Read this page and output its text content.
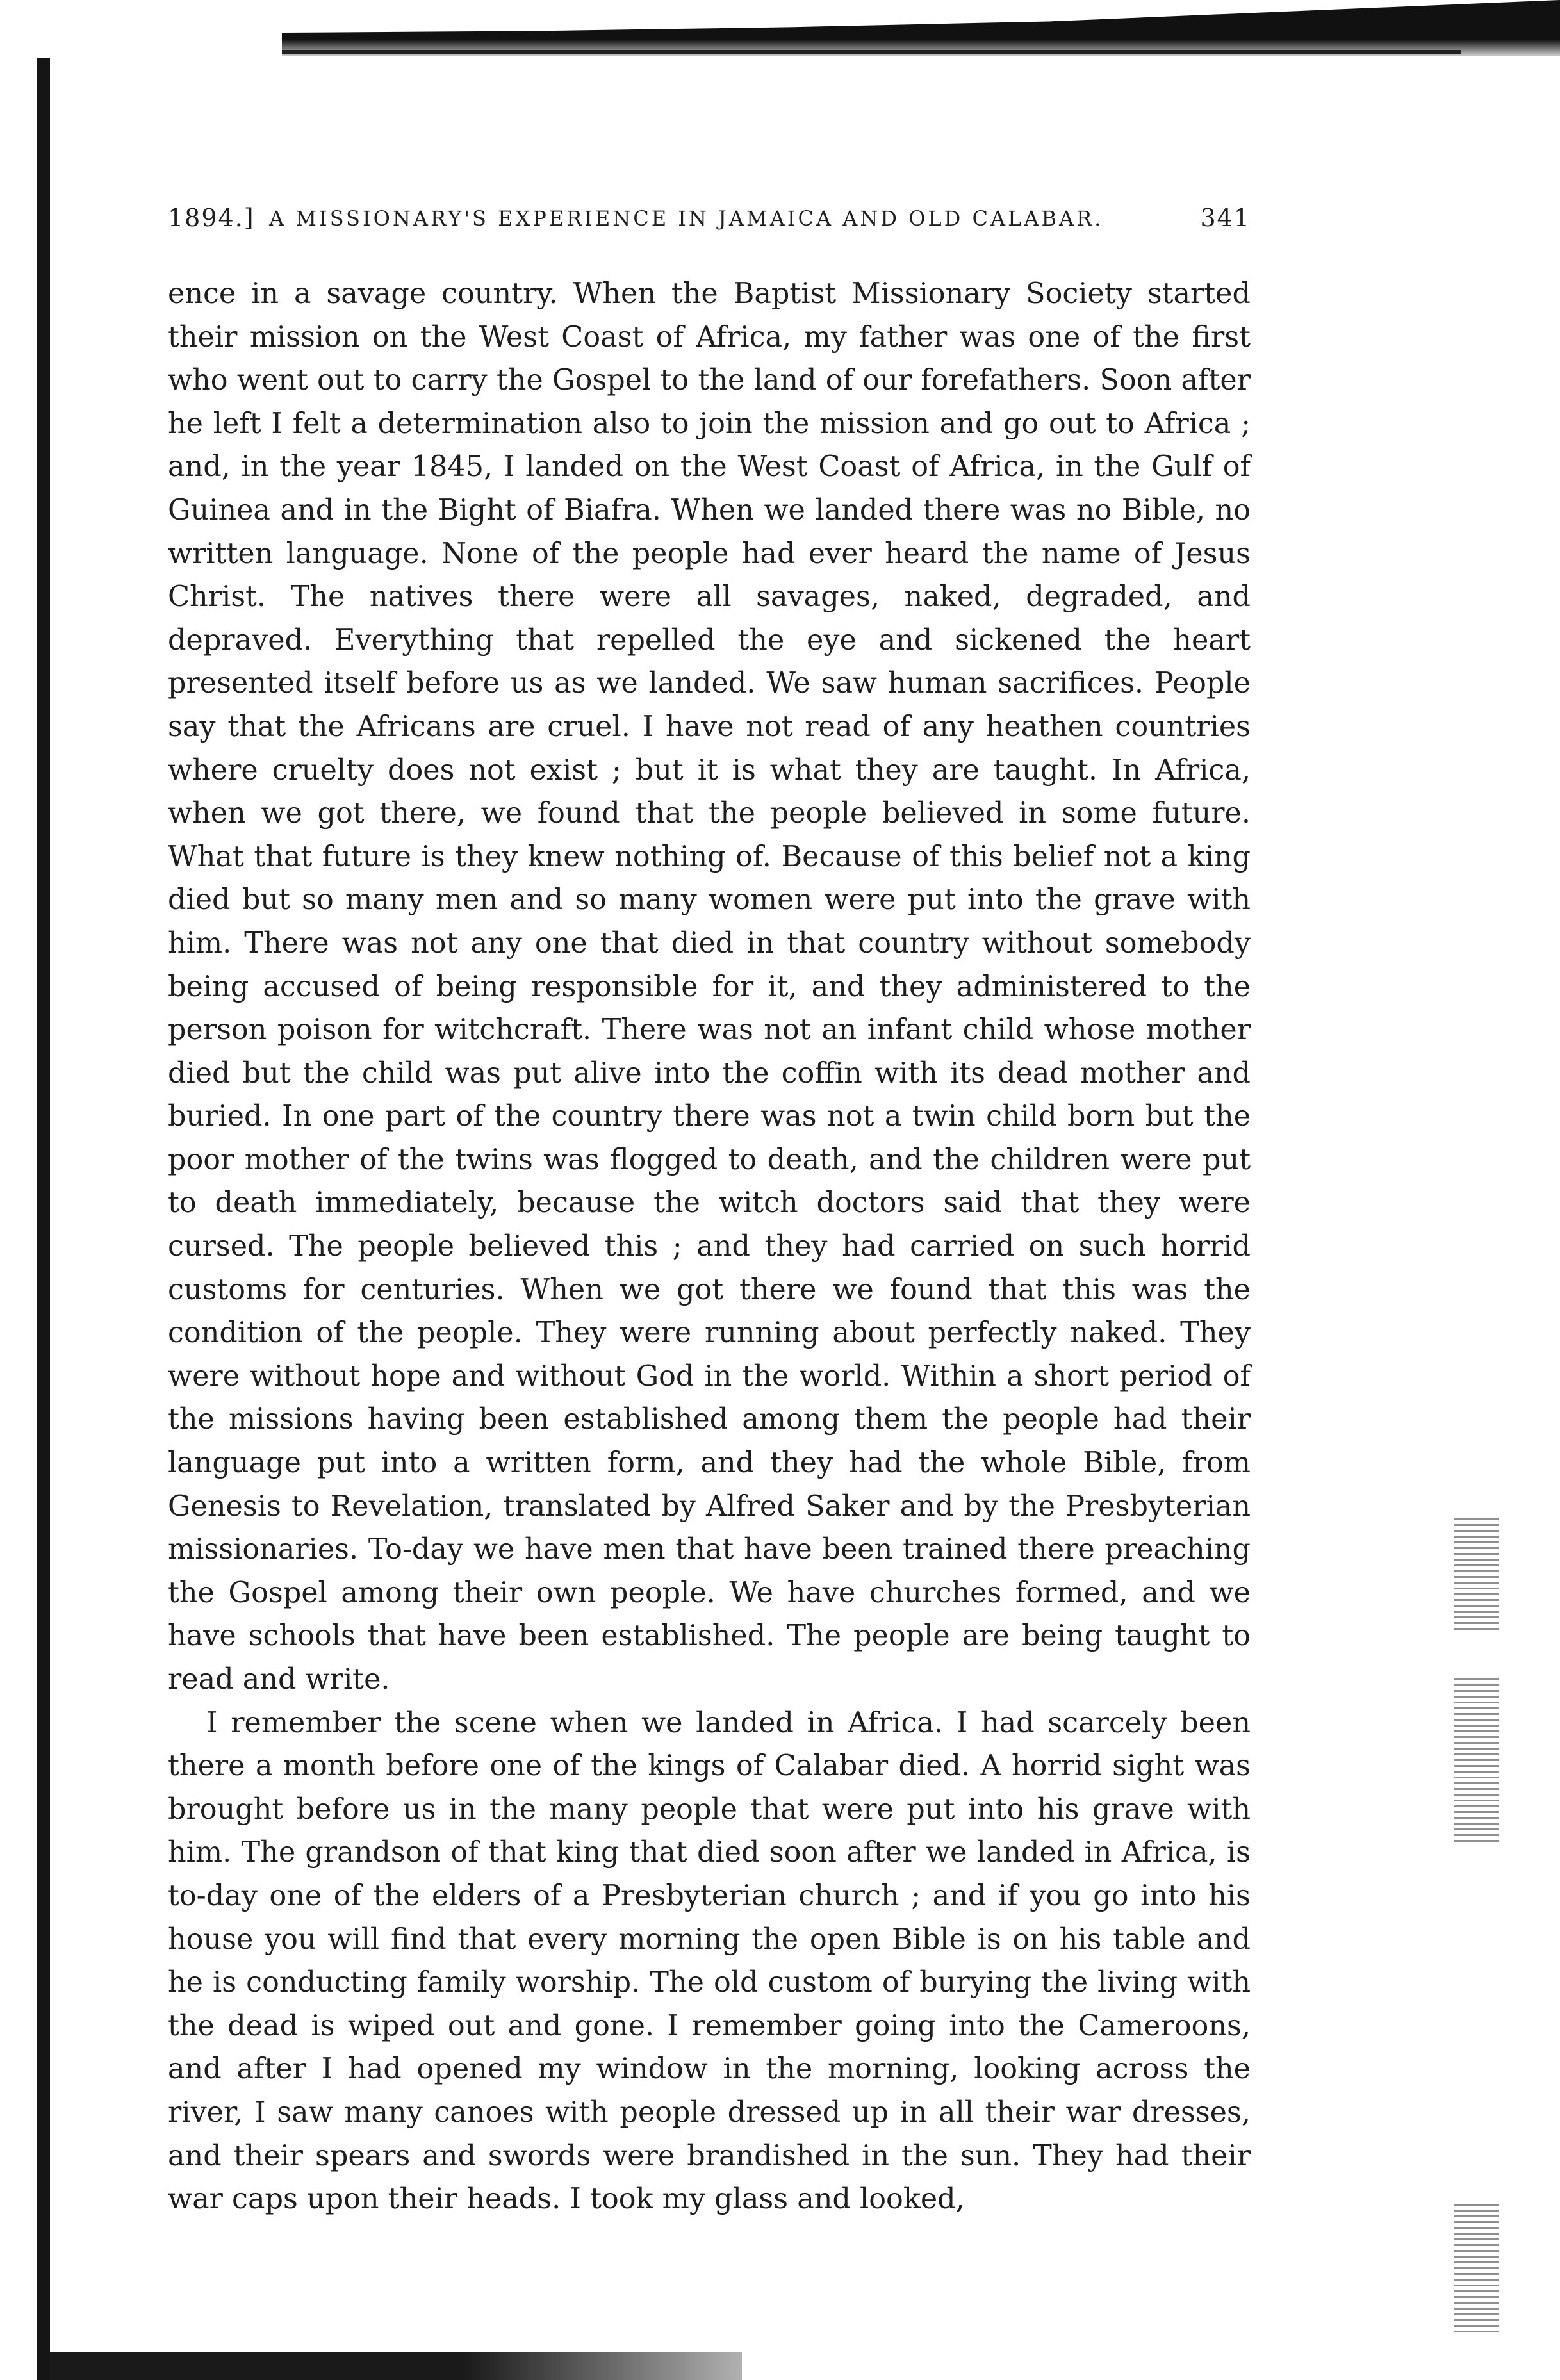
1894.] A MISSIONARY'S EXPERIENCE IN JAMAICA AND OLD CALABAR.	341

ence in a savage country. When the Baptist Missionary Society started their mission on the West Coast of Africa, my father was one of the first who went out to carry the Gospel to the land of our forefathers. Soon after he left I felt a determination also to join the mission and go out to Africa ; and, in the year 1845, I landed on the West Coast of Africa, in the Gulf of Guinea and in the Bight of Biafra. When we landed there was no Bible, no written language. None of the people had ever heard the name of Jesus Christ. The natives there were all savages, naked, degraded, and depraved. Everything that repelled the eye and sickened the heart presented itself before us as we landed. We saw human sacrifices. People say that the Africans are cruel. I have not read of any heathen countries where cruelty does not exist ; but it is what they are taught. In Africa, when we got there, we found that the people believed in some future. What that future is they knew nothing of. Because of this belief not a king died but so many men and so many women were put into the grave with him. There was not any one that died in that country without somebody being accused of being responsible for it, and they administered to the person poison for witchcraft. There was not an infant child whose mother died but the child was put alive into the coffin with its dead mother and buried. In one part of the country there was not a twin child born but the poor mother of the twins was flogged to death, and the children were put to death immediately, because the witch doctors said that they were cursed. The people believed this ; and they had carried on such horrid customs for centuries. When we got there we found that this was the condition of the people. They were running about perfectly naked. They were without hope and without God in the world. Within a short period of the missions having been established among them the people had their language put into a written form, and they had the whole Bible, from Genesis to Revelation, translated by Alfred Saker and by the Presbyterian missionaries. To-day we have men that have been trained there preaching the Gospel among their own people. We have churches formed, and we have schools that have been established. The people are being taught to read and write.

I remember the scene when we landed in Africa. I had scarcely been there a month before one of the kings of Calabar died. A horrid sight was brought before us in the many people that were put into his grave with him. The grandson of that king that died soon after we landed in Africa, is to-day one of the elders of a Presbyterian church ; and if you go into his house you will find that every morning the open Bible is on his table and he is conducting family worship. The old custom of burying the living with the dead is wiped out and gone. I remember going into the Cameroons, and after I had opened my window in the morning, looking across the river, I saw many canoes with people dressed up in all their war dresses, and their spears and swords were brandished in the sun. They had their war caps upon their heads. I took my glass and looked,
